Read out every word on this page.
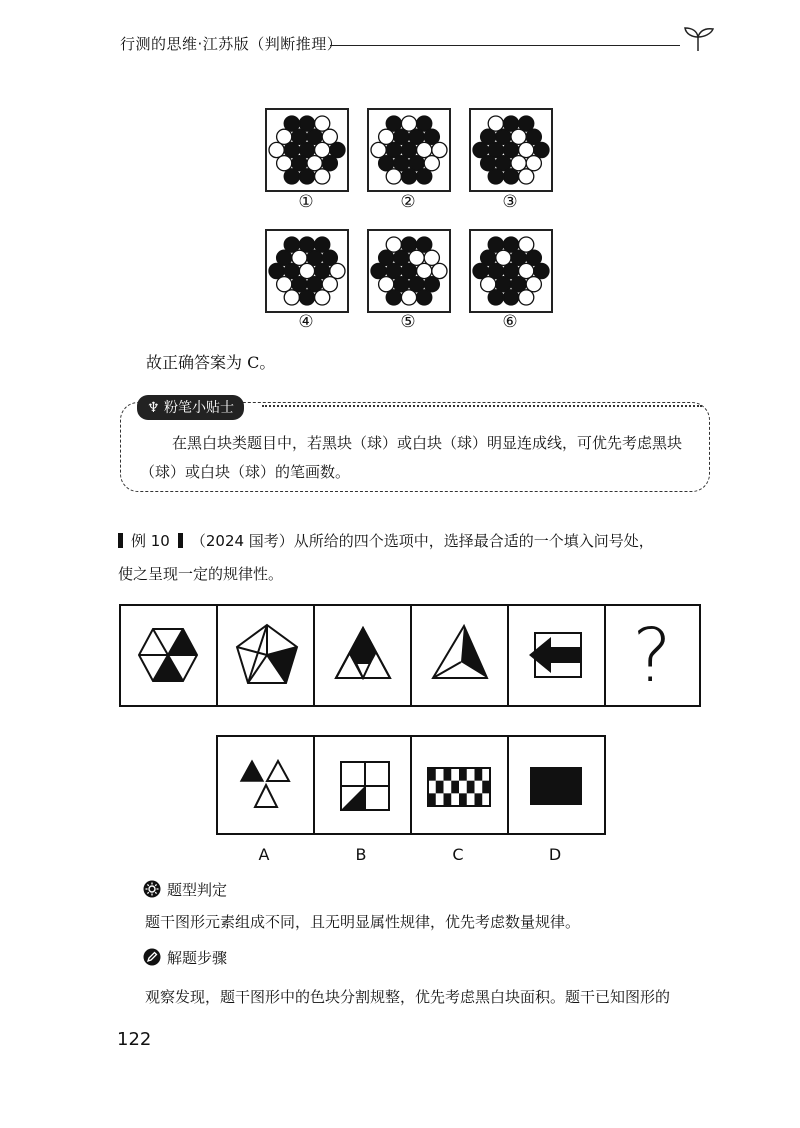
行测的思维·江苏版（判断推理）
①	②	③
④	⑤	⑥
故正确答案为 C。
♆ 粉笔小贴士
在黑白块类题目中，若黑块（球）或白块（球）明显连成线，可优先考虑黑块
（球）或白块（球）的笔画数。
例 10 （2024 国考）从所给的四个选项中，选择最合适的一个填入问号处，
使之呈现一定的规律性。
?
A	B	C	D
题型判定
题干图形元素组成不同，且无明显属性规律，优先考虑数量规律。
解题步骤
观察发现，题干图形中的色块分割规整，优先考虑黑白块面积。题干已知图形的
122
